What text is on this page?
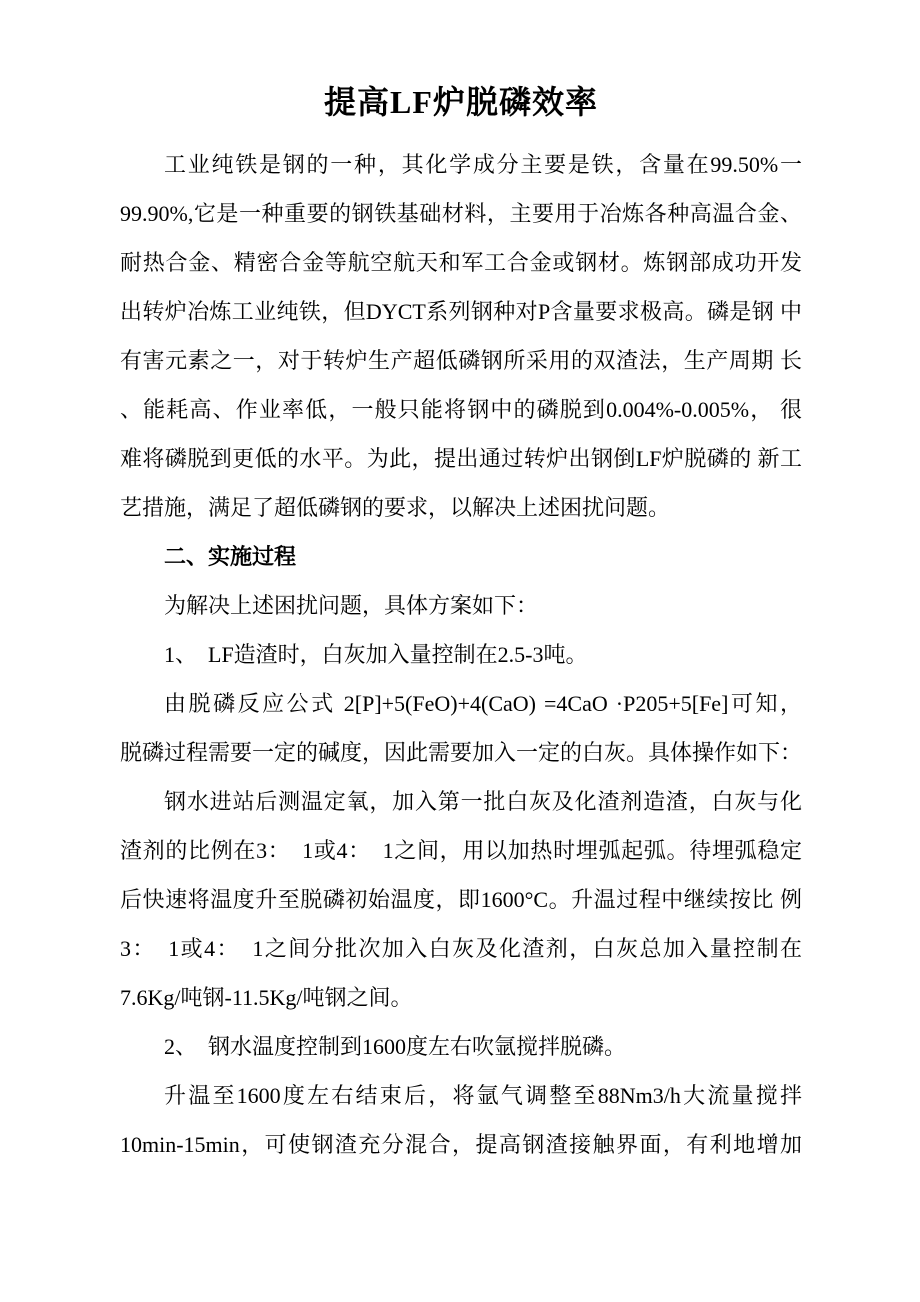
提高LF炉脱磷效率
工业纯铁是钢的一种，其化学成分主要是铁，含量在99.50%一
99.90%,它是一种重要的钢铁基础材料，主要用于冶炼各种高温合金、
耐热合金、精密合金等航空航天和军工合金或钢材。炼钢部成功开发
出转炉冶炼工业纯铁，但DYCT系列钢种对P含量要求极高。磷是钢 中
有害元素之一，对于转炉生产超低磷钢所采用的双渣法，生产周期 长
、能耗高、作业率低，一般只能将钢中的磷脱到0.004%-0.005%， 很
难将磷脱到更低的水平。为此，提出通过转炉出钢倒LF炉脱磷的 新工
艺措施，满足了超低磷钢的要求，以解决上述困扰问题。
二、实施过程
为解决上述困扰问题，具体方案如下：
1、　LF造渣时，白灰加入量控制在2.5-3吨。
由脱磷反应公式 2[P]+5(FeO)+4(CaO) =4CaO ·P205+5[Fe]可知，
脱磷过程需要一定的碱度，因此需要加入一定的白灰。具体操作如下：
钢水进站后测温定氧，加入第一批白灰及化渣剂造渣，白灰与化
渣剂的比例在3：　1或4：　1之间，用以加热时埋弧起弧。待埋弧稳定
后快速将温度升至脱磷初始温度，即1600°C。升温过程中继续按比 例
3：　1或4：　1之间分批次加入白灰及化渣剂，白灰总加入量控制在
7.6Kg/吨钢-11.5Kg/吨钢之间。
2、　钢水温度控制到1600度左右吹氩搅拌脱磷。
升温至1600度左右结束后，将氩气调整至88Nm3/h大流量搅拌
10min-15min，可使钢渣充分混合，提高钢渣接触界面，有利地增加
